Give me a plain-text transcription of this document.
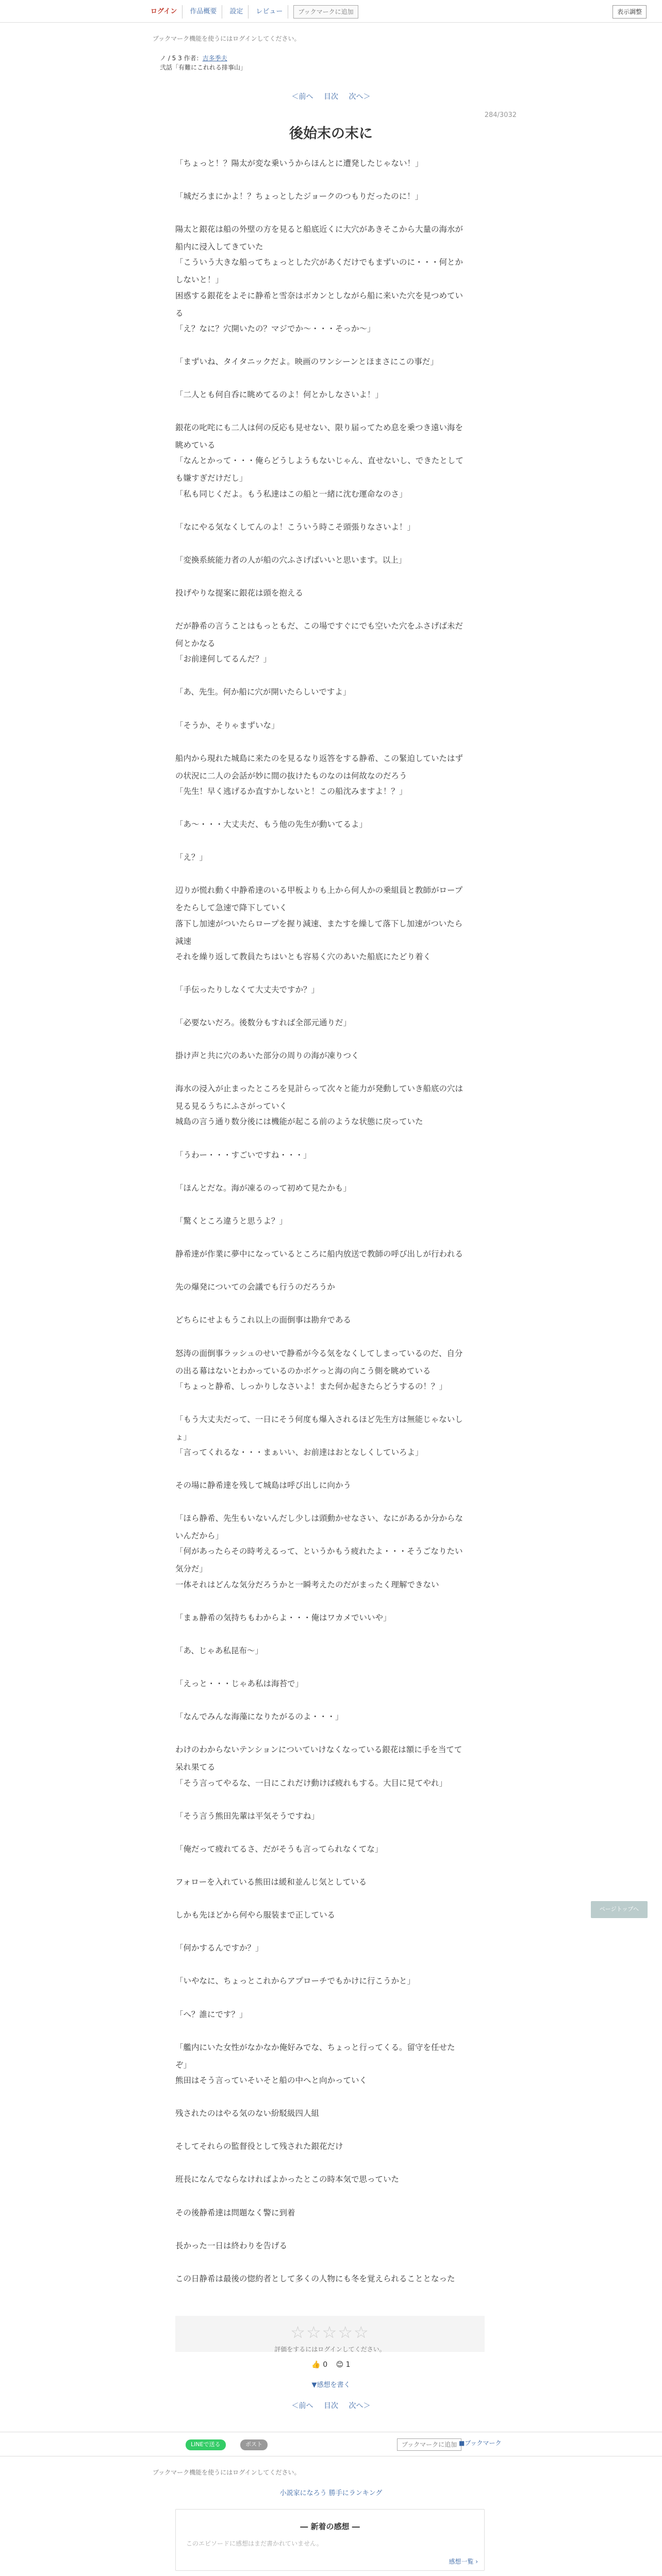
ログイン	作品概要	設定	レビュー	ブックマークに追加	表示調整
ブックマーク機能を使うにはログインしてください。
ノ / 5 3 作者：吉多季夫
弐話「有難にこれれる排事山」
＜前へ 目次 次へ＞
284/3032
後始末の末に
「ちょっと！？陽太が変な乗いうからほんとに遭発したじゃない！」
「城だろまにかよ！？ちょっとしたジョークのつもりだったのに！」
陽太と銀花は船の外壁の方を見ると船底近くに大穴があきそこから大量の海水が船内に浸入してきていた
「こういう大きな船ってちょっとした穴があくだけでもまずいのに・・・何とかしないと！」
困惑する銀花をよそに静希と雪奈はボカンとしながら船に来いた穴を見つめている
「え？なに？穴開いたの？マジでか～・・・そっか～」
「まずいね、タイタニックだよ。映画のワンシーンとほまさにこの事だ」
「二人とも何自呑に眺めてるのよ！何とかしなさいよ！」
銀花の叱咤にも二人は何の反応も見せない、限り届ってため息を乗つき遠い海を眺めている
「なんとかって・・・俺らどうしようもないじゃん、直せないし、できたとしても嫌すぎだけだし」
「私も同じくだよ。もう私達はこの船と一緒に沈む運命なのさ」
「なにやる気なくしてんのよ！こういう時こそ頭張りなさいよ！」
「変換系統能力者の人が船の穴ふさげばいいと思います。以上」
投げやりな提案に銀花は頭を抱える
だが静希の言うことはもっともだ、この場ですぐにでも空いた穴をふさげば未だ何とかなる
「お前達何してるんだ？」
「あ、先生。何か船に穴が開いたらしいですよ」
「そうか、そりゃまずいな」
船内から現れた城島に来たのを見るなり返答をする静希、この緊迫していたはずの状況に二人の会話が妙に間の抜けたものなのは何故なのだろう
「先生！早く逃げるか直すかしないと！この船沈みますよ！？」
「あ～・・・大丈夫だ、もう他の先生が動いてるよ」
「え？」
辺りが慌れ動く中静希達のいる甲板よりも上から何人かの乗組員と教師がロープをたらして急速で降下していく
落下し加速がついたらロープを握り減速、またすを繰して落下し加速がついたら減速
それを繰り返して教員たちはいとも容易く穴のあいた船底にたどり着く
「手伝ったりしなくて大丈夫ですか？」
「必要ないだろ。後数分もすれば全部元通りだ」
掛け声と共に穴のあいた部分の周りの海が凍りつく
海水の浸入が止まったところを見計らって次々と能力が発動していき船底の穴は見る見るうちにふさがっていく
城島の言う通り数分後には機能が起こる前のような状態に戻っていた
「うわー・・・すごいですね・・・」
「ほんとだな。海が凍るのって初めて見たかも」
「驚くところ違うと思うよ？」
静希達が作業に夢中になっているところに船内放送で教師の呼び出しが行われる
先の爆発についての会議でも行うのだろうか
どちらにせよもうこれ以上の面倒事は勘弁である
怒涛の面倒事ラッシュのせいで静希が今る気をなくしてしまっているのだ、自分の出る幕はないとわかっているのかボケっと海の向こう側を眺めている
「ちょっと静希、しっかりしなさいよ！また何か起きたらどうするの！？」
「もう大丈夫だって、一日にそう何度も爆入されるほど先生方は無能じゃないしょ」
「言ってくれるな・・・まぁいい、お前達はおとなしくしていろよ」
その場に静希達を残して城島は呼び出しに向かう
「ほら静希、先生もいないんだし少しは頭動かせなさい、なにがあるか分からないんだから」
「何があったらその時考えるって、というかもう疲れたよ・・・そうごなりたい気分だ」
一体それはどんな気分だろうかと一瞬考えたのだがまったく理解できない
「まぁ静希の気持ちもわからよ・・・俺はワカメでいいや」
「あ、じゃあ私昆布～」
「えっと・・・じゃあ私は海苔で」
「なんでみんな海藻になりたがるのよ・・・」
わけのわからないテンションについていけなくなっている銀花は額に手を当てて呆れ果てる
「そう言ってやるな、一日にこれだけ動けば疲れもする。大目に見てやれ」
「そう言う熊田先輩は平気そうですね」
「俺だって疲れてるさ、だがそうも言ってられなくてな」
フォローを入れている熊田は緩和並んじ気としている
しかも先ほどから何やら服装まで正している
「何かするんですか？」
「いやなに、ちょっとこれからアプローチでもかけに行こうかと」
「へ？誰にです？」
「艦内にいた女性がなかなか俺好みでな、ちょっと行ってくる。留守を任せたぞ」
熊田はそう言っていそいそと船の中へと向かっていく
残されたのはやる気のない紛駁級四人組
そしてそれらの監督役として残された銀花だけ
班長になんでならなければよかったとこの時本気で思っていた
その後静希達は問題なく警に到着
長かった一日は終わりを告げる
この日静希は最後の惚約者として多くの人物にも冬を覚えられることとなった
☆☆☆☆☆
評価をするにはログインしてください。
👍 0 😊 1
▼感想を書く
＜前へ 目次 次へ＞
LINEで送る	ポスト	ブックマークに追加 ■ブックマーク
ブックマーク機能を使うにはログインしてください。
小説家になろう 勝手にランキング
― 新着の感想 ―
このエピソードに感想はまだ書かれていません。
感想一覧 ›

ページトップへ
